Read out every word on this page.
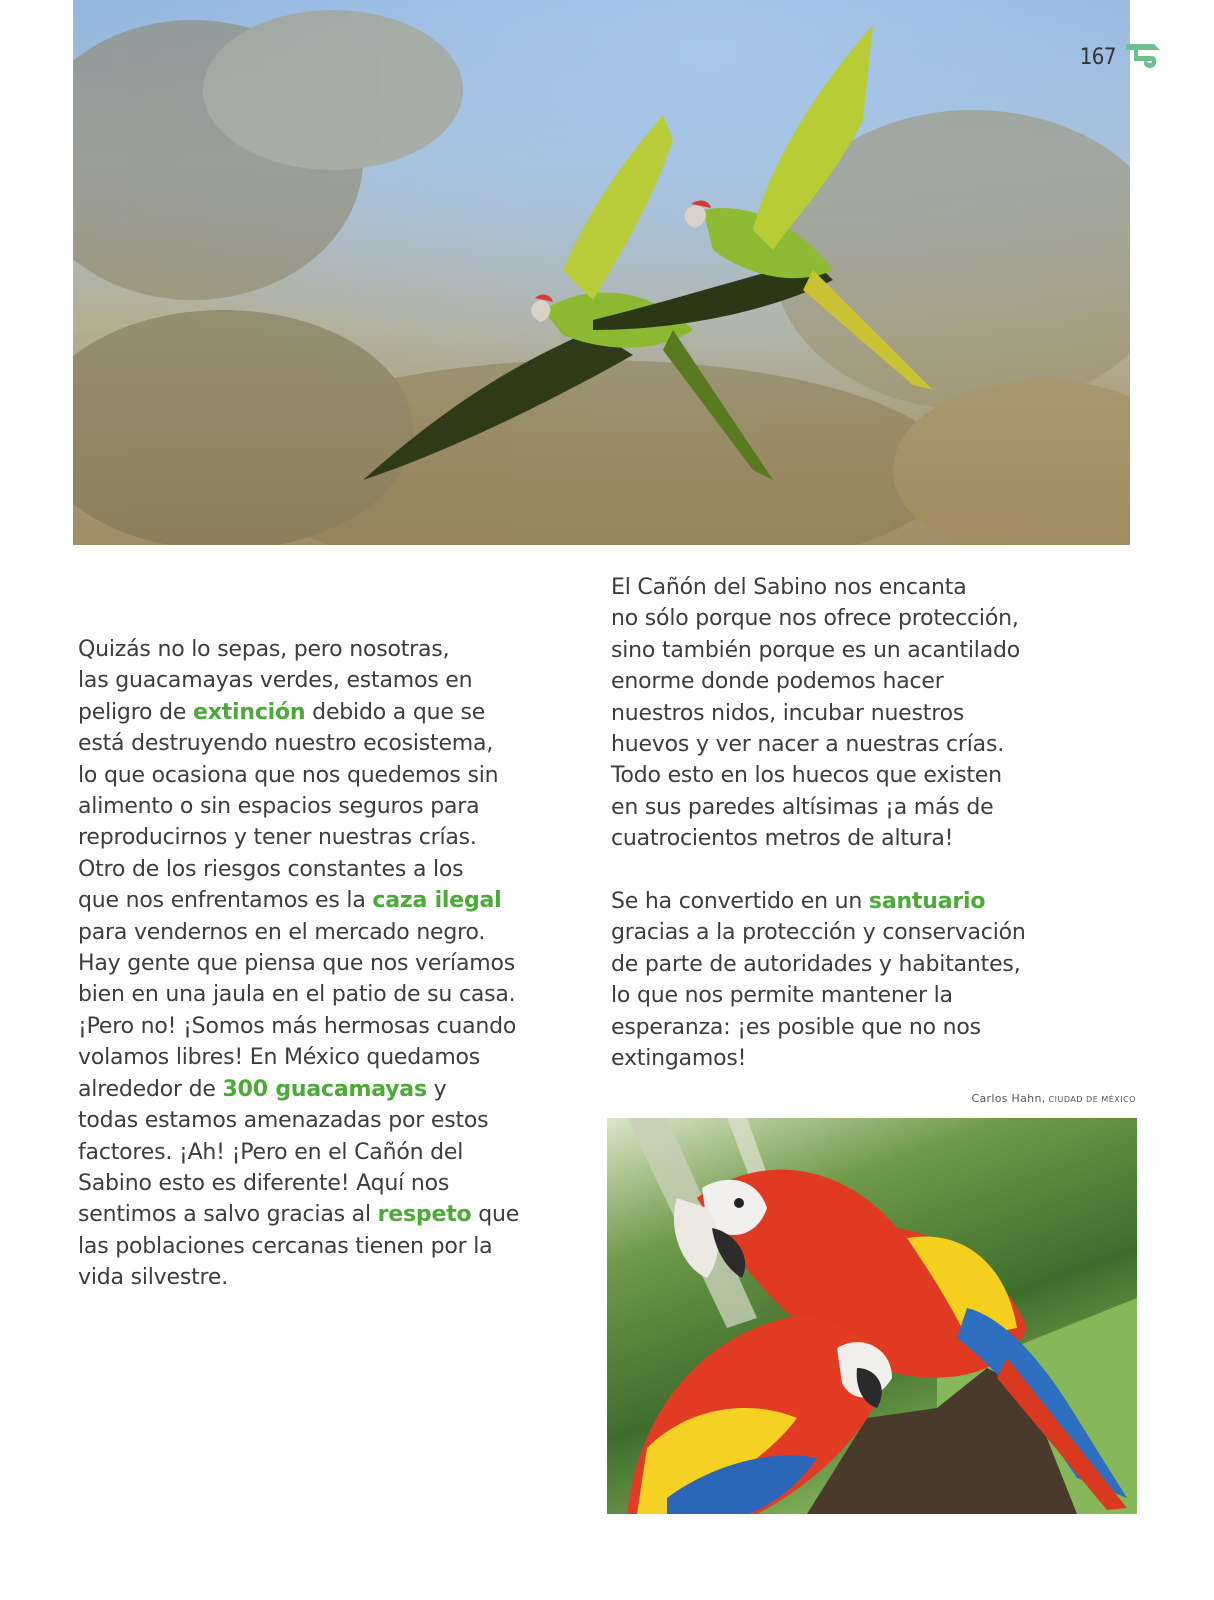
167

Quizás no lo sepas, pero nosotras,
las guacamayas verdes, estamos en
peligro de extinción debido a que se
está destruyendo nuestro ecosistema,
lo que ocasiona que nos quedemos sin
alimento o sin espacios seguros para
reproducirnos y tener nuestras crías.
Otro de los riesgos constantes a los
que nos enfrentamos es la caza ilegal
para vendernos en el mercado negro.
Hay gente que piensa que nos veríamos
bien en una jaula en el patio de su casa.
¡Pero no! ¡Somos más hermosas cuando
volamos libres! En México quedamos
alrededor de 300 guacamayas y
todas estamos amenazadas por estos
factores. ¡Ah! ¡Pero en el Cañón del
Sabino esto es diferente! Aquí nos
sentimos a salvo gracias al respeto que
las poblaciones cercanas tienen por la
vida silvestre.

El Cañón del Sabino nos encanta
no sólo porque nos ofrece protección,
sino también porque es un acantilado
enorme donde podemos hacer
nuestros nidos, incubar nuestros
huevos y ver nacer a nuestras crías.
Todo esto en los huecos que existen
en sus paredes altísimas ¡a más de
cuatrocientos metros de altura!

Se ha convertido en un santuario
gracias a la protección y conservación
de parte de autoridades y habitantes,
lo que nos permite mantener la
esperanza: ¡es posible que no nos
extingamos!

Carlos Hahn, CIUDAD DE MÉXICO
